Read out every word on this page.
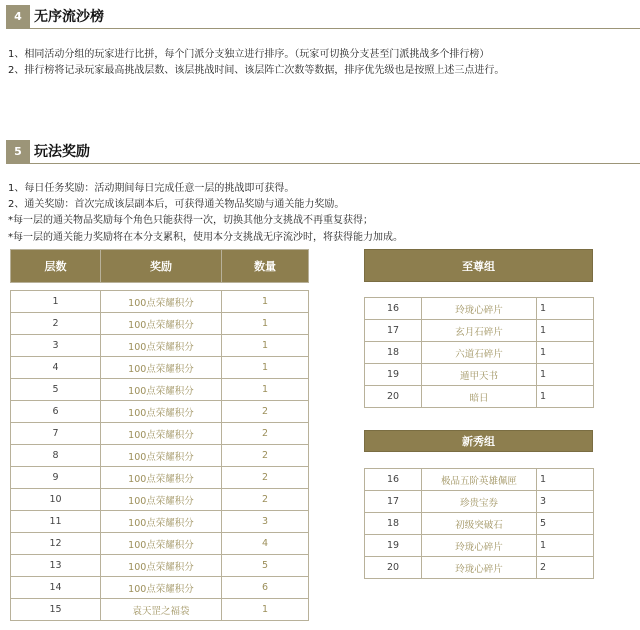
4 无序流沙榜
1、相同活动分组的玩家进行比拼，每个门派分支独立进行排序。（玩家可切换分支甚至门派挑战多个排行榜）
2、排行榜将记录玩家最高挑战层数、该层挑战时间、该层阵亡次数等数据，排序优先级也是按照上述三点进行。
5 玩法奖励
1、每日任务奖励：活动期间每日完成任意一层的挑战即可获得。
2、通关奖励：首次完成该层副本后，可获得通关物品奖励与通关能力奖励。
*每一层的通关物品奖励每个角色只能获得一次，切换其他分支挑战不再重复获得；
*每一层的通关能力奖励将在本分支累积，使用本分支挑战无序流沙时，将获得能力加成。
层数	奖励	数量

1	100点荣耀积分	1
2	100点荣耀积分	1
3	100点荣耀积分	1
4	100点荣耀积分	1
5	100点荣耀积分	1
6	100点荣耀积分	2
7	100点荣耀积分	2
8	100点荣耀积分	2
9	100点荣耀积分	2
10	100点荣耀积分	2
11	100点荣耀积分	3
12	100点荣耀积分	4
13	100点荣耀积分	5
14	100点荣耀积分	6
15	袁天罡之福袋	1
至尊组
16	玲珑心碎片	1
17	玄月石碎片	1
18	六道石碎片	1
19	遁甲天书	1
20	暗日	1
新秀组
16	极品五阶英雄佩匣	1
17	珍贵宝券	3
18	初级突破石	5
19	玲珑心碎片	1
20	玲珑心碎片	2
